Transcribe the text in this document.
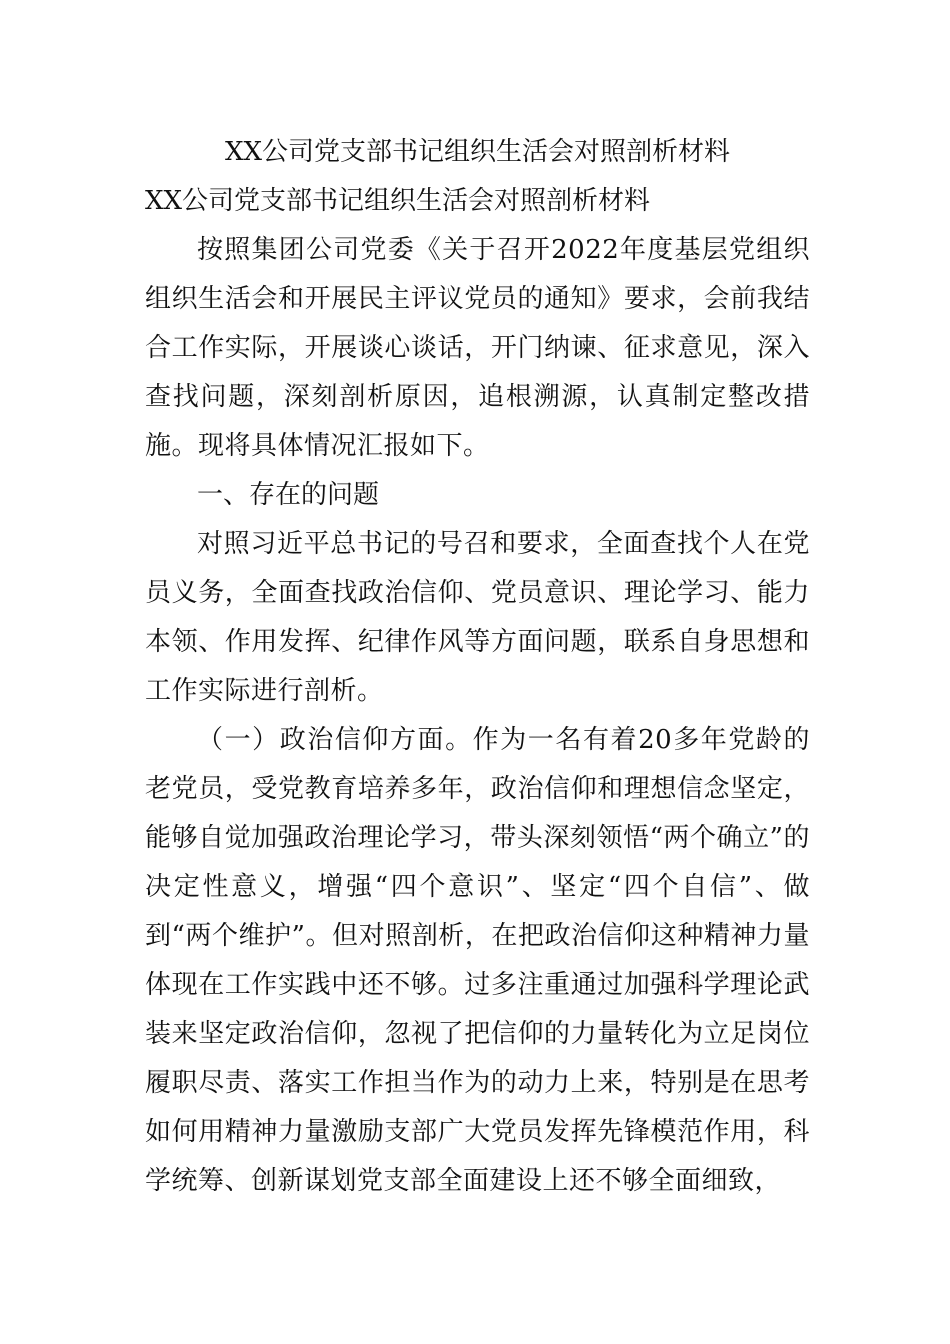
XX公司党支部书记组织生活会对照剖析材料

XX公司党支部书记组织生活会对照剖析材料

按照集团公司党委《关于召开2022年度基层党组织组织生活会和开展民主评议党员的通知》要求，会前我结合工作实际，开展谈心谈话，开门纳谏、征求意见，深入查找问题，深刻剖析原因，追根溯源，认真制定整改措施。现将具体情况汇报如下。

一、存在的问题

对照习近平总书记的号召和要求，全面查找个人在党员义务，全面查找政治信仰、党员意识、理论学习、能力本领、作用发挥、纪律作风等方面问题，联系自身思想和工作实际进行剖析。

（一）政治信仰方面。作为一名有着20多年党龄的老党员，受党教育培养多年，政治信仰和理想信念坚定，能够自觉加强政治理论学习，带头深刻领悟“两个确立”的决定性意义，增强“四个意识”、坚定“四个自信”、做到“两个维护”。但对照剖析，在把政治信仰这种精神力量体现在工作实践中还不够。过多注重通过加强科学理论武装来坚定政治信仰，忽视了把信仰的力量转化为立足岗位履职尽责、落实工作担当作为的动力上来，特别是在思考如何用精神力量激励支部广大党员发挥先锋模范作用，科学统筹、创新谋划党支部全面建设上还不够全面细致，
